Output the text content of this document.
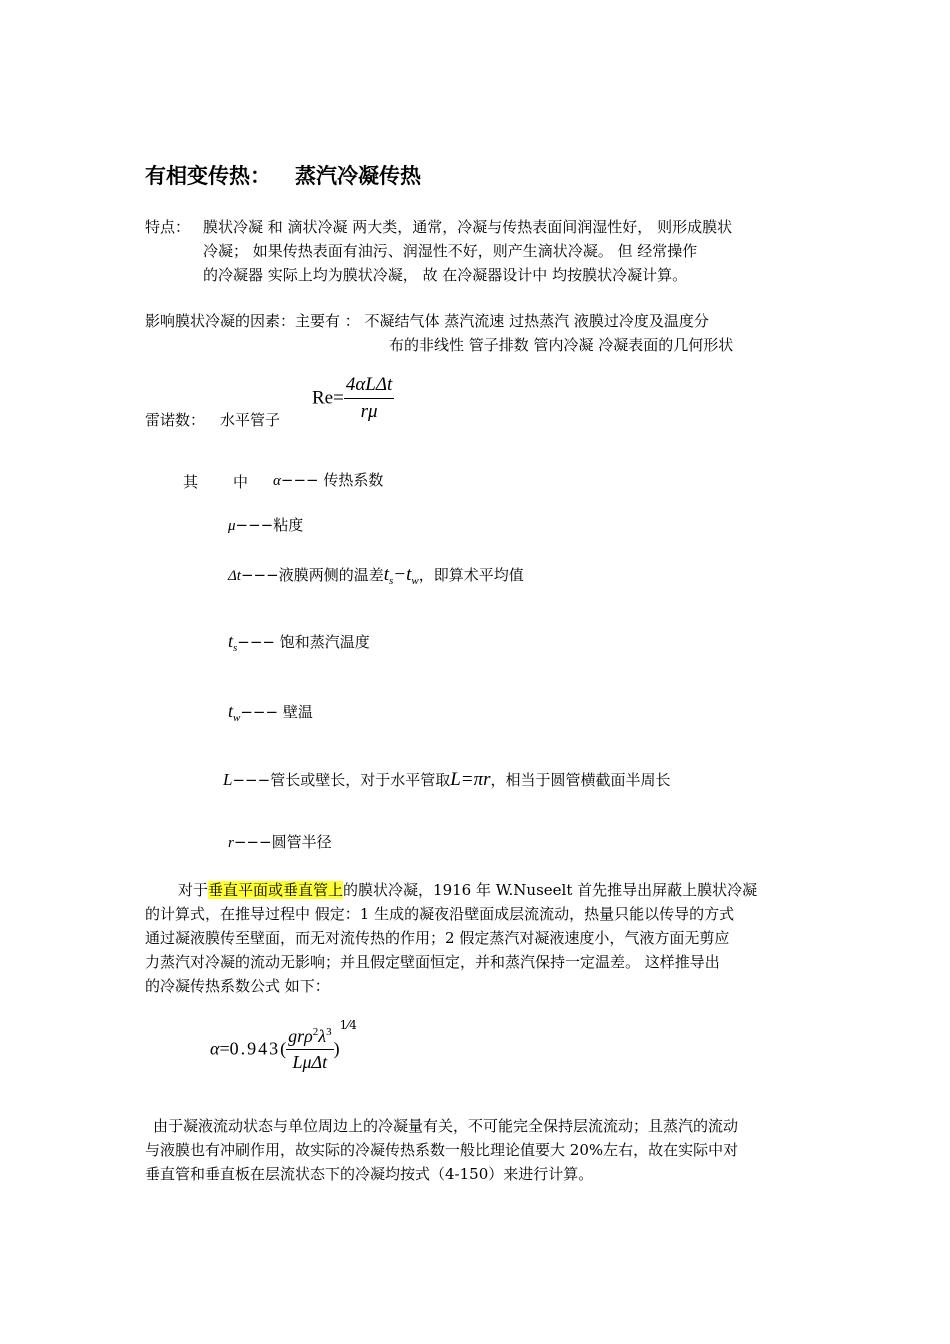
有相变传热： 蒸汽冷凝传热
特点： 膜状冷凝 和 滴状冷凝 两大类，通常，冷凝与传热表面间润湿性好， 则形成膜状
冷凝； 如果传热表面有油污、润湿性不好，则产生滴状冷凝。 但 经常操作
的冷凝器 实际上均为膜状冷凝， 故 在冷凝器设计中 均按膜状冷凝计算。
影响膜状冷凝的因素：主要有 ： 不凝结气体 蒸汽流速 过热蒸汽 液膜过冷度及温度分
布的非线性 管子排数 管内冷凝 冷凝表面的几何形状
雷诺数： 水平管子
$Re= \frac{\text{4αLΔt}}{r\mu}$
其 中 α−−− 传热系数
μ−−−粘度
Δt−−−液膜两侧的温差$t_s-t_w$，即算术平均值
$t_s---$ 饱和蒸汽温度
$t_w---$ 壁温
L−−−管长或壁长，对于水平管取L=πr，相当于圆管横截面半周长
r−−−圆管半径
对于垂直平面或垂直管上的膜状冷凝，1916 年 W.Nuseelt 首先推导出屏蔽上膜状冷凝
的计算式，在推导过程中 假定：1 生成的凝夜沿壁面成层流流动，热量只能以传导的方式
通过凝液膜传至壁面，而无对流传热的作用；2 假定蒸汽对凝液速度小，气液方面无剪应
力蒸汽对冷凝的流动无影响；并且假定壁面恒定，并和蒸汽保持一定温差。 这样推导出
的冷凝传热系数公式 如下：
$\alpha=0.943( \frac{gr\rho^2\lambda^3}{\text{LμΔt}}$ )1⁄4
由于凝液流动状态与单位周边上的冷凝量有关，不可能完全保持层流流动；且蒸汽的流动
与液膜也有冲刷作用，故实际的冷凝传热系数一般比理论值要大 20%左右，故在实际中对
垂直管和垂直板在层流状态下的冷凝均按式（4-150）来进行计算。
